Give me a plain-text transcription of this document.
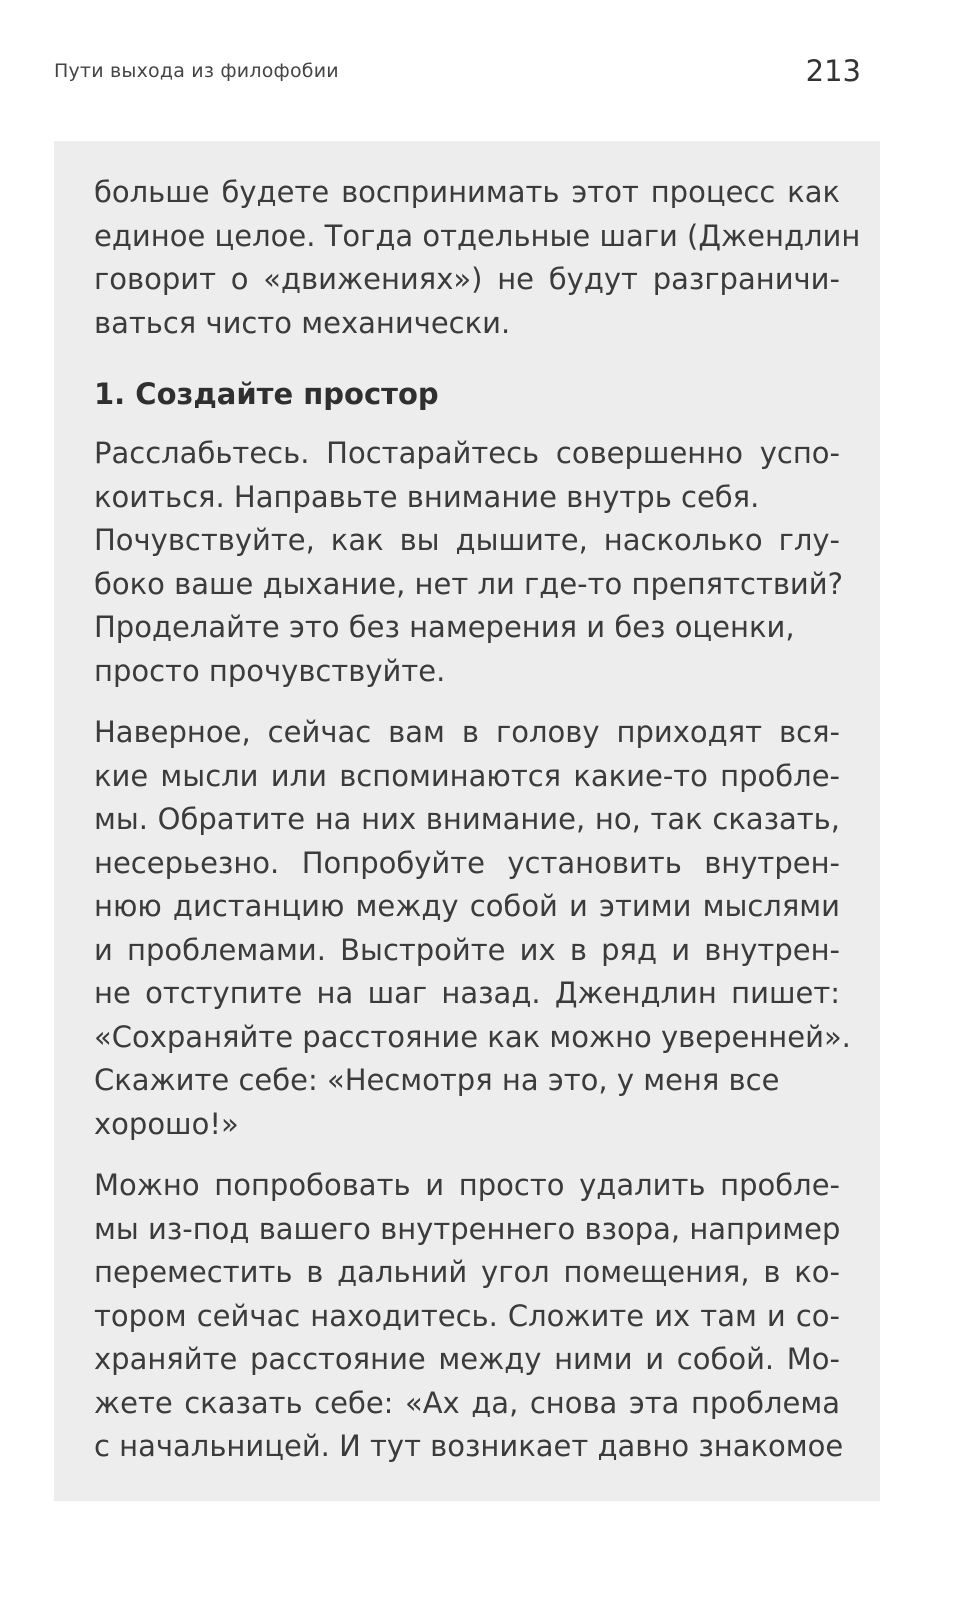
Пути выхода из филофобии	213
больше будете воспринимать этот процесс как
единое целое. Тогда отдельные шаги (Джендлин
говорит о «движениях») не будут разграничи-
ваться чисто механически.
1. Создайте простор
Расслабьтесь. Постарайтесь совершенно успо-
коиться. Направьте внимание внутрь себя.
Почувствуйте, как вы дышите, насколько глу-
боко ваше дыхание, нет ли где-то препятствий?
Проделайте это без намерения и без оценки,
просто прочувствуйте.
Наверное, сейчас вам в голову приходят вся-
кие мысли или вспоминаются какие-то пробле-
мы. Обратите на них внимание, но, так сказать,
несерьезно. Попробуйте установить внутрен-
нюю дистанцию между собой и этими мыслями
и проблемами. Выстройте их в ряд и внутрен-
не отступите на шаг назад. Джендлин пишет:
«Сохраняйте расстояние как можно уверенней».
Скажите себе: «Несмотря на это, у меня все
хорошо!»
Можно попробовать и просто удалить пробле-
мы из-под вашего внутреннего взора, например
переместить в дальний угол помещения, в ко-
тором сейчас находитесь. Сложите их там и со-
храняйте расстояние между ними и собой. Мо-
жете сказать себе: «Ах да, снова эта проблема
с начальницей. И тут возникает давно знакомое
